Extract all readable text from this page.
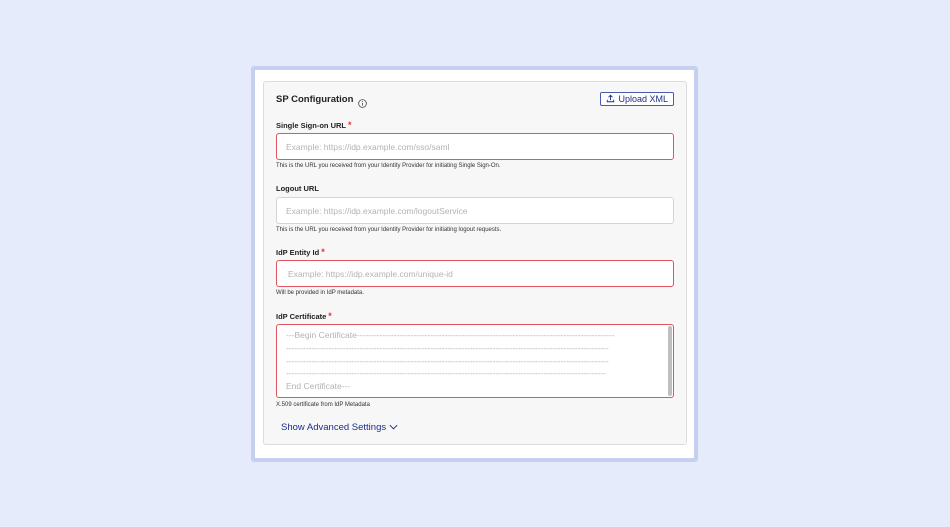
SP Configuration	Upload XML
Single Sign-on URL *
Example: https://idp.example.com/sso/saml
This is the URL you received from your Identity Provider for initiating Single Sign-On.
Logout URL
Example: https://idp.example.com/logoutService
This is the URL you received from your Identity Provider for initiating logout requests.
IdP Entity Id *
Example: https://idp.example.com/unique-id
Will be provided in IdP metadata.
IdP Certificate *
---Begin Certificate-------------------------------------------------------------------------------------------
------------------------------------------------------------------------------------------------------------------
------------------------------------------------------------------------------------------------------------------
-----------------------------------------------------------------------------------------------------------------
End Certificate---
X.509 certificate from IdP Metadata
Show Advanced Settings
